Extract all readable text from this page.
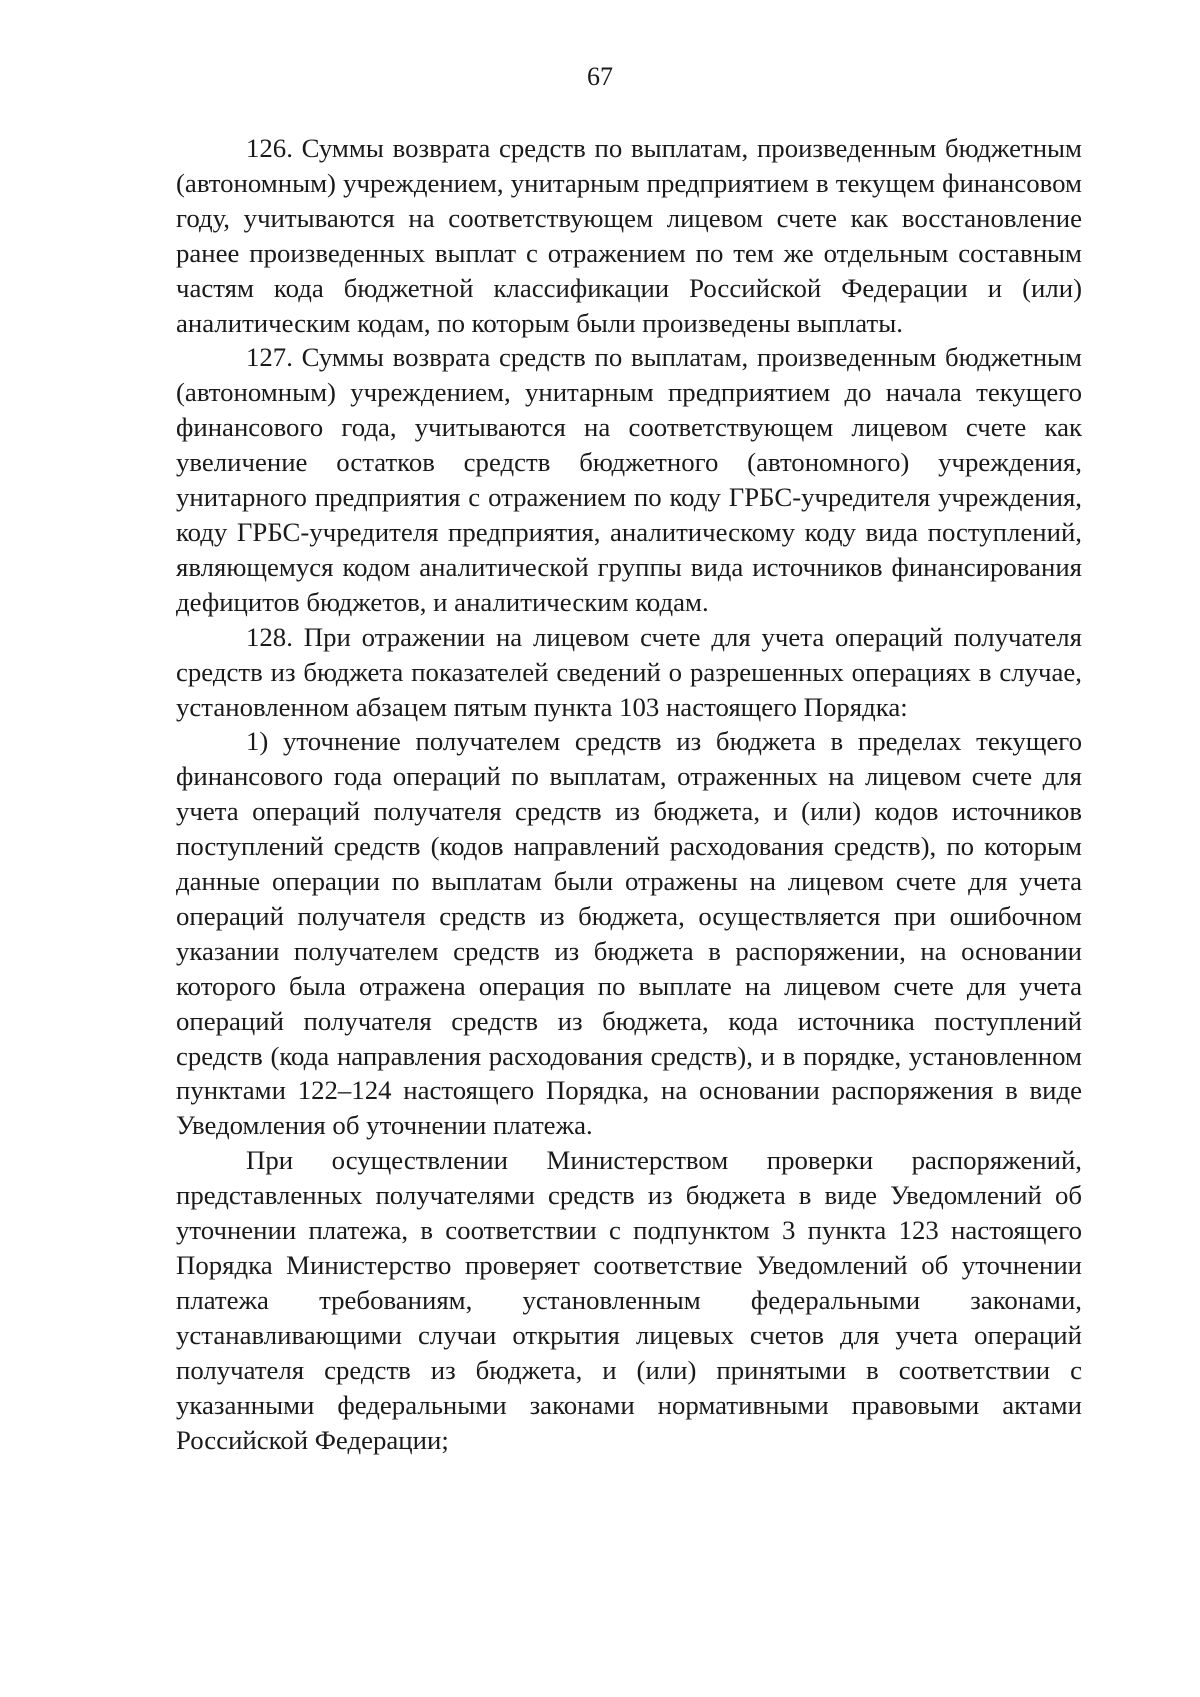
67

126. Суммы возврата средств по выплатам, произведенным бюджетным (автономным) учреждением, унитарным предприятием в текущем финансовом году, учитываются на соответствующем лицевом счете как восстановление ранее произведенных выплат с отражением по тем же отдельным составным частям кода бюджетной классификации Российской Федерации и (или) аналитическим кодам, по которым были произведены выплаты.

127. Суммы возврата средств по выплатам, произведенным бюджетным (автономным) учреждением, унитарным предприятием до начала текущего финансового года, учитываются на соответствующем лицевом счете как увеличение остатков средств бюджетного (автономного) учреждения, унитарного предприятия с отражением по коду ГРБС-учредителя учреждения, коду ГРБС-учредителя предприятия, аналитическому коду вида поступлений, являющемуся кодом аналитической группы вида источников финансирования дефицитов бюджетов, и аналитическим кодам.

128. При отражении на лицевом счете для учета операций получателя средств из бюджета показателей сведений о разрешенных операциях в случае, установленном абзацем пятым пункта 103 настоящего Порядка:

1) уточнение получателем средств из бюджета в пределах текущего финансового года операций по выплатам, отраженных на лицевом счете для учета операций получателя средств из бюджета, и (или) кодов источников поступлений средств (кодов направлений расходования средств), по которым данные операции по выплатам были отражены на лицевом счете для учета операций получателя средств из бюджета, осуществляется при ошибочном указании получателем средств из бюджета в распоряжении, на основании которого была отражена операция по выплате на лицевом счете для учета операций получателя средств из бюджета, кода источника поступлений средств (кода направления расходования средств), и в порядке, установленном пунктами 122–124 настоящего Порядка, на основании распоряжения в виде Уведомления об уточнении платежа.

При осуществлении Министерством проверки распоряжений, представленных получателями средств из бюджета в виде Уведомлений об уточнении платежа, в соответствии с подпунктом 3 пункта 123 настоящего Порядка Министерство проверяет соответствие Уведомлений об уточнении платежа требованиям, установленным федеральными законами, устанавливающими случаи открытия лицевых счетов для учета операций получателя средств из бюджета, и (или) принятыми в соответствии с указанными федеральными законами нормативными правовыми актами Российской Федерации;
